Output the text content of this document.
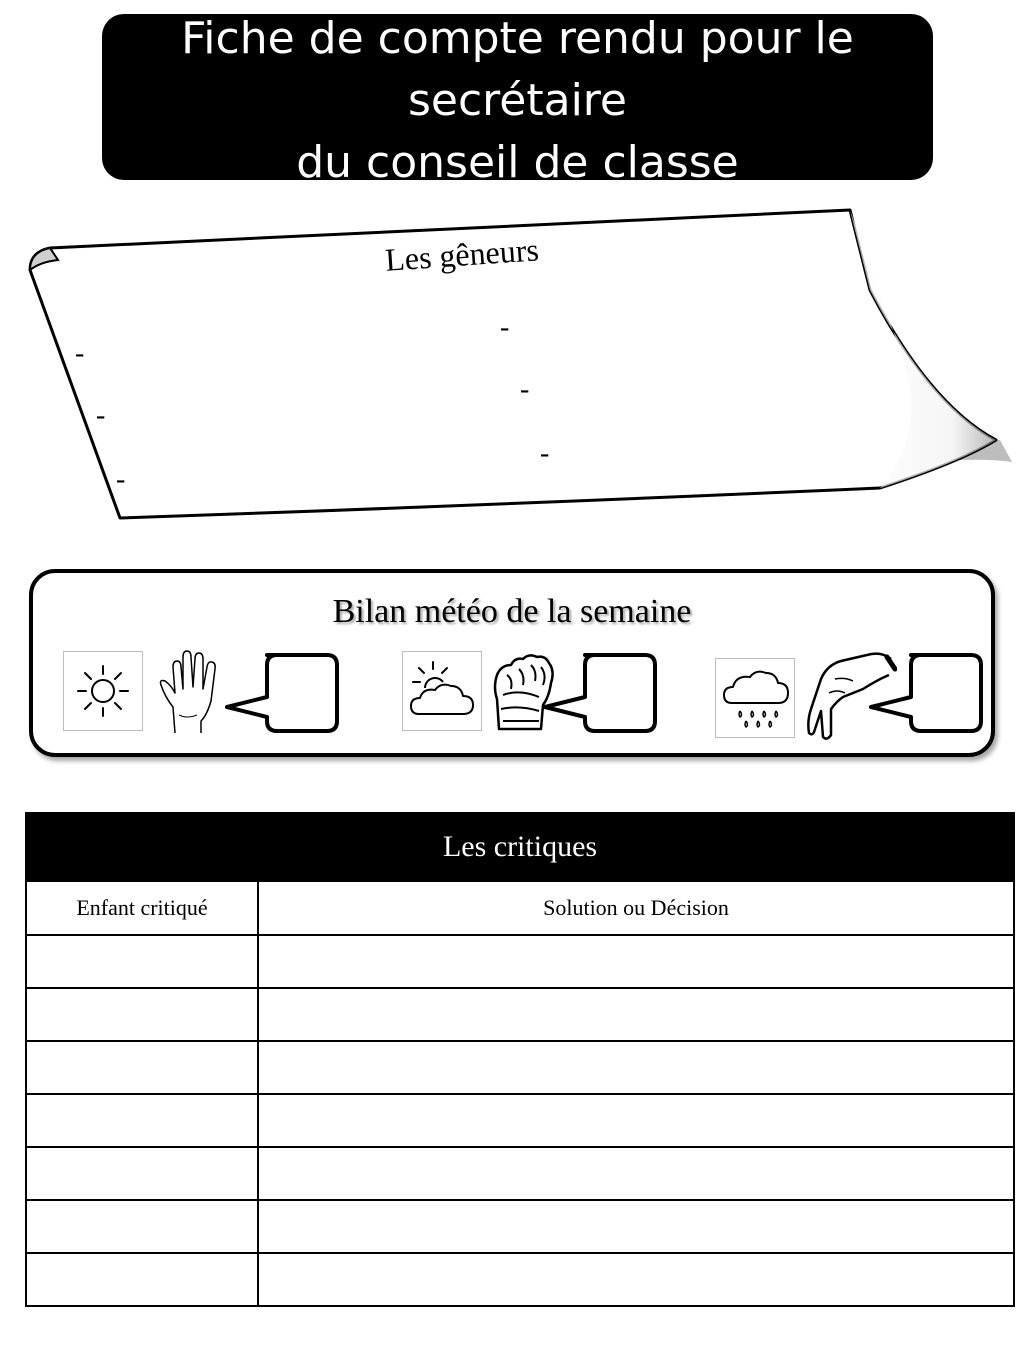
Fiche de compte rendu pour le
secrétaire
du conseil de classe
Les gêneurs
-
-
-
-
-
-
Bilan météo de la semaine
Les critiques	
Enfant critiqué	Solution ou Décision
